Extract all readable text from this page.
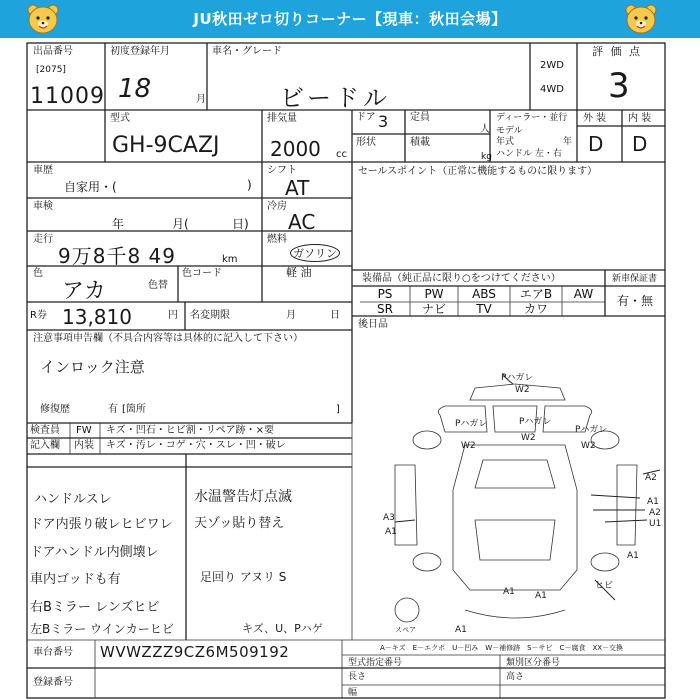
JU秋田ゼロ切りコーナー【現車：秋田会場】
出品番号
[2075]
11009
初度登録年月
18	月
車名・グレード
ビードル
2WD
4WD
評 価 点
3
外 装 内 装
D D
型式
GH-9CAZJ
排気量
2000 cc
ドア 3
形状
定員
人
積載
kg
ディーラー・並行
モデル
年式	年
ハンドル 左・右
車歴
自家用・(	)
シフト
AT
車検
年	月(	日)
冷房
AC
走行
9万8千8 49	km
燃料
ガソリン
軽 油
色
アカ	色替
色コード
R券 13,810	円 名変期限	月	日
注意事項申告欄（不具合内容等は具体的に記入して下さい）
インロック注意
修復歴	有 [箇所	]
セールスポイント（正常に機能するものに限ります）
装備品（純正品に限り○をつけてください）	新車保証書
PS	PW	ABS	エアB	AW
SR	ナビ	TV	カワ
有・無
後日品
検査員
記入欄
FW キズ・凹石・ヒビ割・リペア跡・×要
内装 キズ・汚レ・コゲ・穴・スレ・凹・破レ
ハンドルスレ
ドア内張り破レヒビワレ
ドアハンドル内側壊レ
車内ゴッドも有
右Bミラー レンズヒビ
左Bミラー ウインカーヒビ
水温警告灯点滅
天ゾッ貼り替え
足回り アヌリ S
キズ、U、Pハゲ
Pハガレ
W2
Pハガレ
W2
Pハガレ
W2
Pハガレ
W2
A2
A1
A2
U1
A3
A1
A1
A1 A1
ヒビ
スペア	A1
A－キズ　E－エクボ　U－凹み　W－補修跡　S－サビ　C－腐食　XX－交換
車台番号 WVWZZZ9CZ6M509192
型式指定番号	類別区分番号
登録番号	長さ
幅
高さ
